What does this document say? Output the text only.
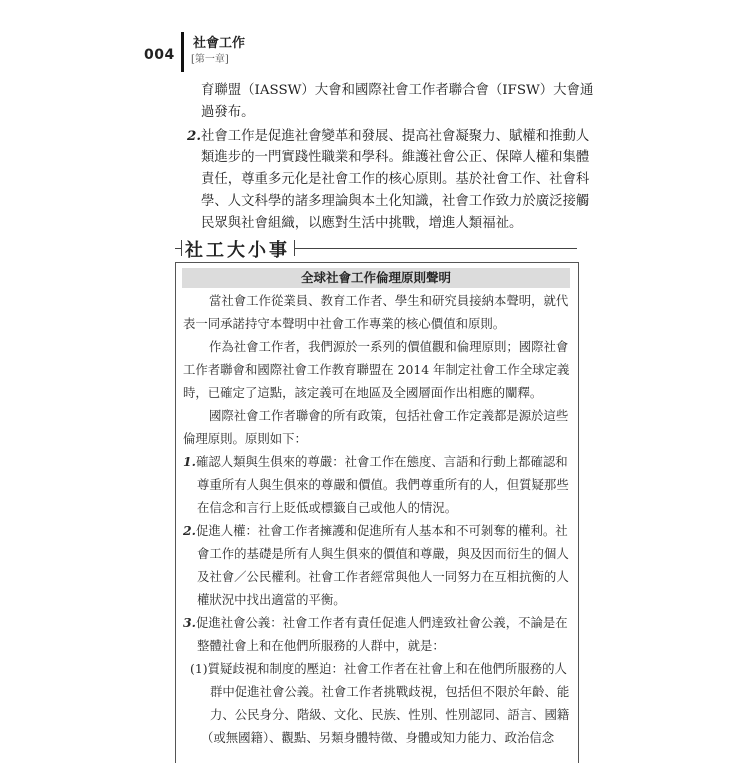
004
社會工作
[第一章]
育聯盟（IASSW）大會和國際社會工作者聯合會（IFSW）大會通
過發布。
2.社會工作是促進社會變革和發展、提高社會凝聚力、賦權和推動人
類進步的一門實踐性職業和學科。維護社會公正、保障人權和集體
責任，尊重多元化是社會工作的核心原則。基於社會工作、社會科
學、人文科學的諸多理論與本土化知識，社會工作致力於廣泛接觸
民眾與社會組織，以應對生活中挑戰，增進人類福祉。
社工大小事
全球社會工作倫理原則聲明
當社會工作從業員、教育工作者、學生和研究員接納本聲明，就代
表一同承諾持守本聲明中社會工作專業的核心價值和原則。
作為社會工作者，我們源於一系列的價值觀和倫理原則；國際社會
工作者聯會和國際社會工作教育聯盟在 2014 年制定社會工作全球定義
時，已確定了這點，該定義可在地區及全國層面作出相應的闡釋。
國際社會工作者聯會的所有政策，包括社會工作定義都是源於這些
倫理原則。原則如下：
1.確認人類與生俱來的尊嚴：社會工作在態度、言語和行動上都確認和
尊重所有人與生俱來的尊嚴和價值。我們尊重所有的人，但質疑那些
在信念和言行上貶低或標籤自己或他人的情況。
2.促進人權：社會工作者擁護和促進所有人基本和不可剝奪的權利。社
會工作的基礎是所有人與生俱來的價值和尊嚴，與及因而衍生的個人
及社會／公民權利。社會工作者經常與他人一同努力在互相抗衡的人
權狀況中找出適當的平衡。
3.促進社會公義：社會工作者有責任促進人們達致社會公義，不論是在
整體社會上和在他們所服務的人群中，就是：
(1)質疑歧視和制度的壓迫：社會工作者在社會上和在他們所服務的人
群中促進社會公義。社會工作者挑戰歧視，包括但不限於年齡、能
力、公民身分、階級、文化、民族、性別、性別認同、語言、國籍
（或無國籍）、觀點、另類身體特徵、身體或知力能力、政治信念
